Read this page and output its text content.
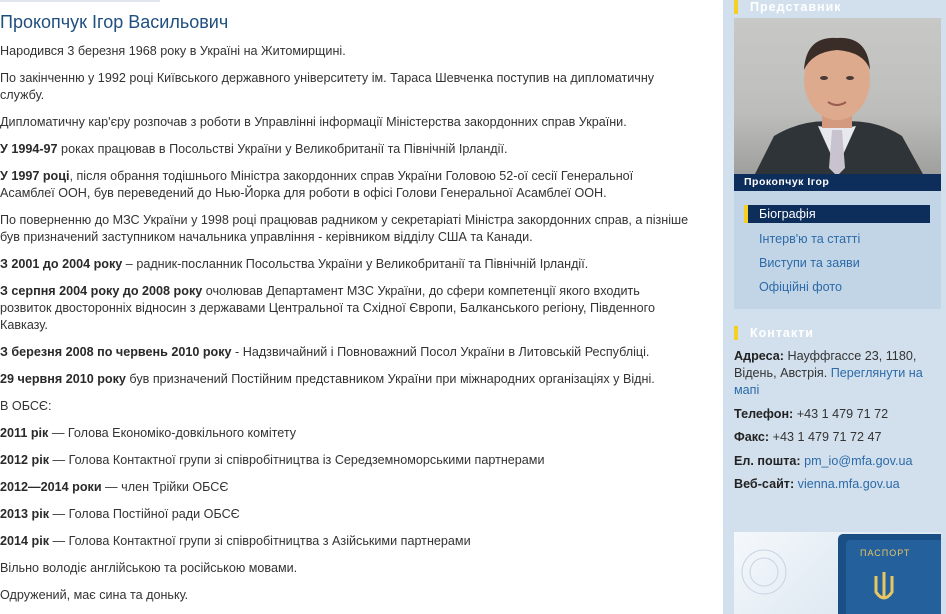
Прокопчук Ігор Васильович

Народився 3 березня 1968 року в Україні на Житомирщині.

По закінченню у 1992 році Київського державного університету ім. Тараса Шевченка поступив на дипломатичну службу.

Дипломатичну кар'єру розпочав з роботи в Управлінні інформації Міністерства закордонних справ України.

У 1994-97 роках працював в Посольстві України у Великобританії та Північній Ірландії.

У 1997 році, після обрання тодішнього Міністра закордонних справ України Головою 52-ої сесії Генеральної Асамблеї ООН, був переведений до Нью-Йорка для роботи в офісі Голови Генеральної Асамблеї ООН.

По поверненню до МЗС України у 1998 році працював радником у секретаріаті Міністра закордонних справ, а пізніше був призначений заступником начальника управління - керівником відділу США та Канади.

З 2001 до 2004 року – радник-посланник Посольства України у Великобританії та Північній Ірландії.

З серпня 2004 року до 2008 року очолював Департамент МЗС України, до сфери компетенції якого входить розвиток двосторонніх відносин з державами Центральної та Східної Європи, Балканського регіону, Південного Кавказу.

З березня 2008 по червень 2010 року - Надзвичайний і Повноважний Посол України в Литовській Республіці.

29 червня 2010 року був призначений Постійним представником України при міжнародних організаціях у Відні.

В ОБСЄ:

2011 рік — Голова Економіко-довкільного комітету

2012 рік — Голова Контактної групи зі співробітництва із Середземноморськими партнерами

2012—2014 роки — член Трійки ОБСЄ

2013 рік — Голова Постійної ради ОБСЄ

2014 рік — Голова Контактної групи зі співробітництва з Азійськими партнерами

Вільно володіє англійською та російською мовами.

Одружений, має сина та доньку.

Представник
Прокопчук Ігор
Біографія
Інтерв'ю та статті
Виступи та заяви
Офіційні фото
Контакти
Адреса: Науффгассе 23, 1180, Відень, Австрія. Переглянути на мапі
Телефон: +43 1 479 71 72
Факс: +43 1 479 71 72 47
Ел. пошта: pm_io@mfa.gov.ua
Веб-сайт: vienna.mfa.gov.ua
ПАСПОРТ
